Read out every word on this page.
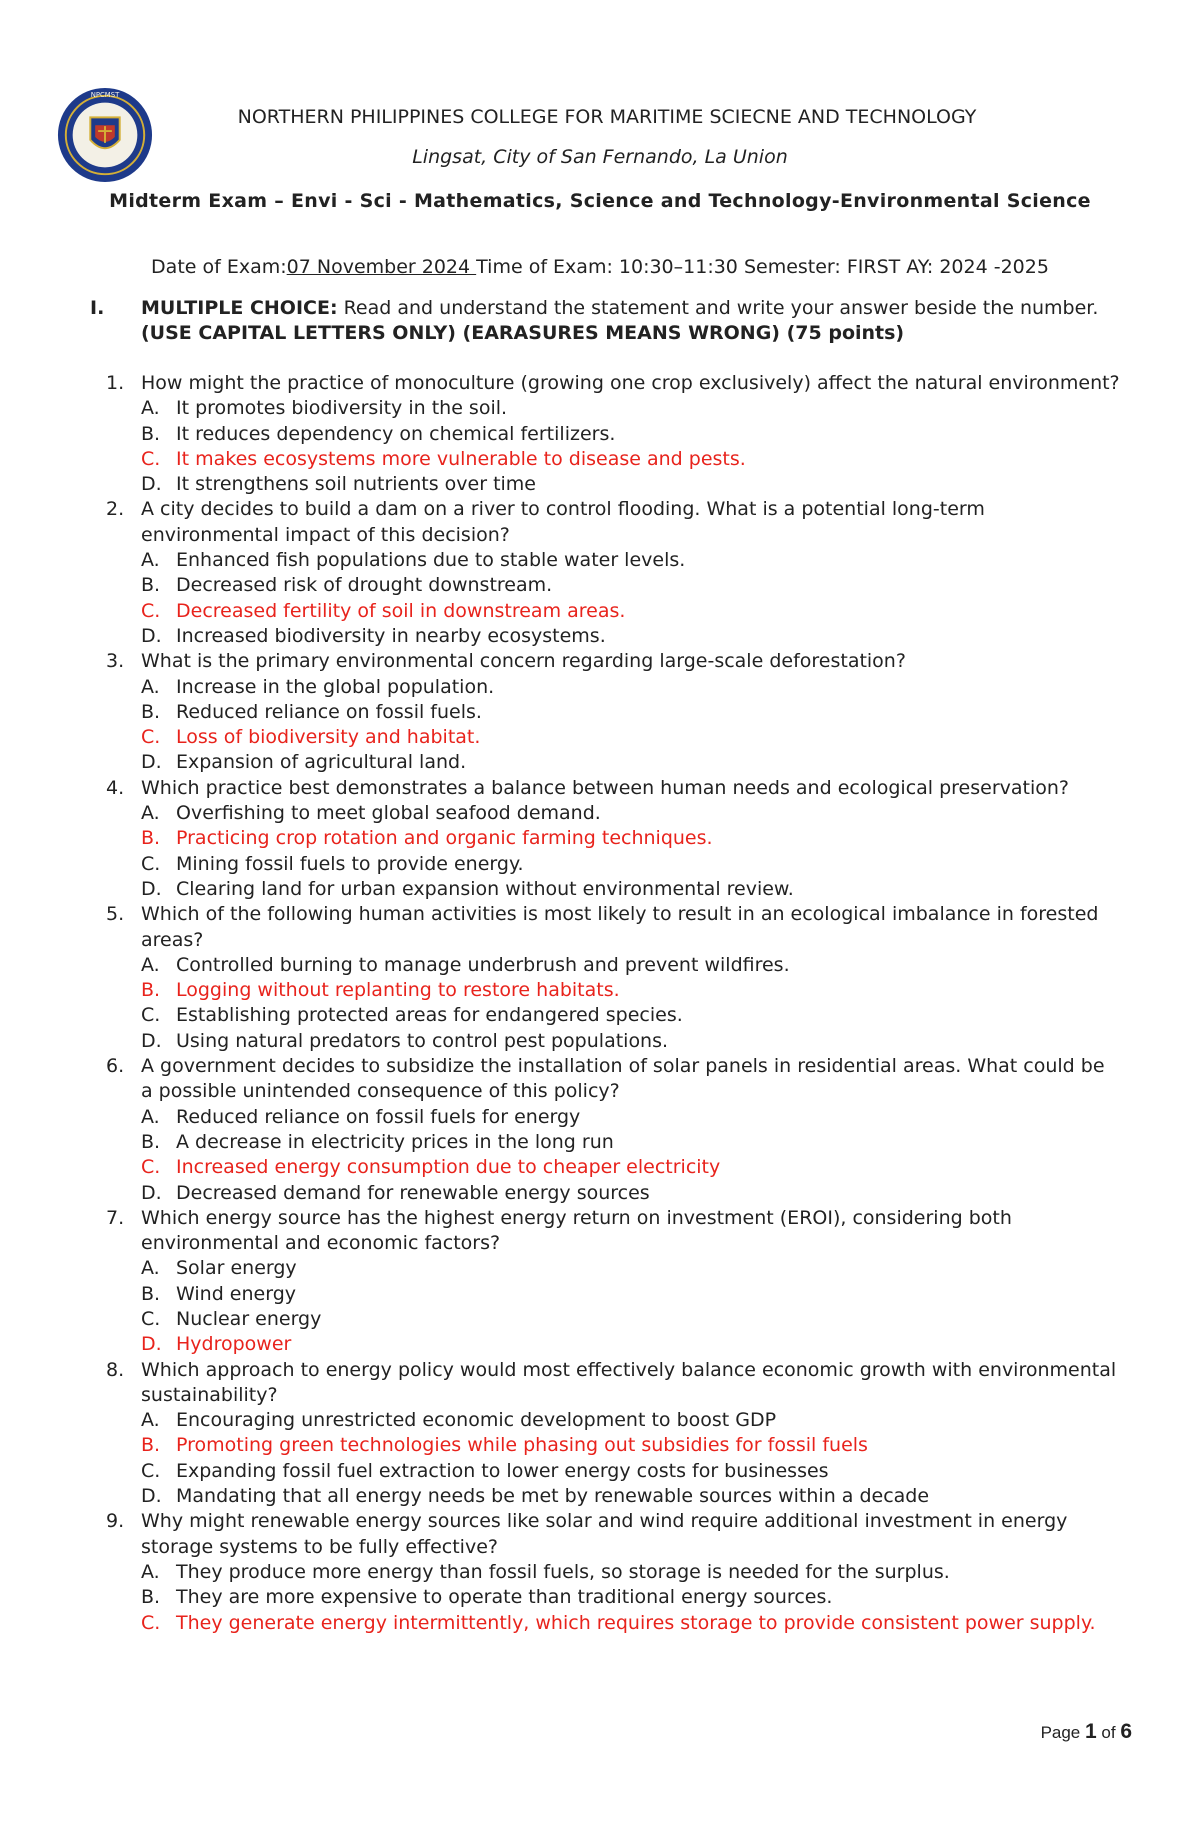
NPCMST
NORTHERN PHILIPPINES COLLEGE FOR MARITIME SCIECNE AND TECHNOLOGY
Lingsat, City of San Fernando, La Union
Midterm Exam – Envi - Sci - Mathematics, Science and Technology-Environmental Science
Date of Exam:07 November 2024 Time of Exam: 10:30–11:30 Semester: FIRST AY: 2024 -2025
I. MULTIPLE CHOICE: Read and understand the statement and write your answer beside the number. (USE CAPITAL LETTERS ONLY) (EARASURES MEANS WRONG) (75 points)
1. How might the practice of monoculture (growing one crop exclusively) affect the natural environment?
A. It promotes biodiversity in the soil.
B. It reduces dependency on chemical fertilizers.
C. It makes ecosystems more vulnerable to disease and pests.
D. It strengthens soil nutrients over time
2. A city decides to build a dam on a river to control flooding. What is a potential long-term environmental impact of this decision?
A. Enhanced fish populations due to stable water levels.
B. Decreased risk of drought downstream.
C. Decreased fertility of soil in downstream areas.
D. Increased biodiversity in nearby ecosystems.
3. What is the primary environmental concern regarding large-scale deforestation?
A. Increase in the global population.
B. Reduced reliance on fossil fuels.
C. Loss of biodiversity and habitat.
D. Expansion of agricultural land.
4. Which practice best demonstrates a balance between human needs and ecological preservation?
A. Overfishing to meet global seafood demand.
B. Practicing crop rotation and organic farming techniques.
C. Mining fossil fuels to provide energy.
D. Clearing land for urban expansion without environmental review.
5. Which of the following human activities is most likely to result in an ecological imbalance in forested areas?
A. Controlled burning to manage underbrush and prevent wildfires.
B. Logging without replanting to restore habitats.
C. Establishing protected areas for endangered species.
D. Using natural predators to control pest populations.
6. A government decides to subsidize the installation of solar panels in residential areas. What could be a possible unintended consequence of this policy?
A. Reduced reliance on fossil fuels for energy
B. A decrease in electricity prices in the long run
C. Increased energy consumption due to cheaper electricity
D. Decreased demand for renewable energy sources
7. Which energy source has the highest energy return on investment (EROI), considering both environmental and economic factors?
A. Solar energy
B. Wind energy
C. Nuclear energy
D. Hydropower
8. Which approach to energy policy would most effectively balance economic growth with environmental sustainability?
A. Encouraging unrestricted economic development to boost GDP
B. Promoting green technologies while phasing out subsidies for fossil fuels
C. Expanding fossil fuel extraction to lower energy costs for businesses
D. Mandating that all energy needs be met by renewable sources within a decade
9. Why might renewable energy sources like solar and wind require additional investment in energy storage systems to be fully effective?
A. They produce more energy than fossil fuels, so storage is needed for the surplus.
B. They are more expensive to operate than traditional energy sources.
C. They generate energy intermittently, which requires storage to provide consistent power supply.
Page 1 of 6
